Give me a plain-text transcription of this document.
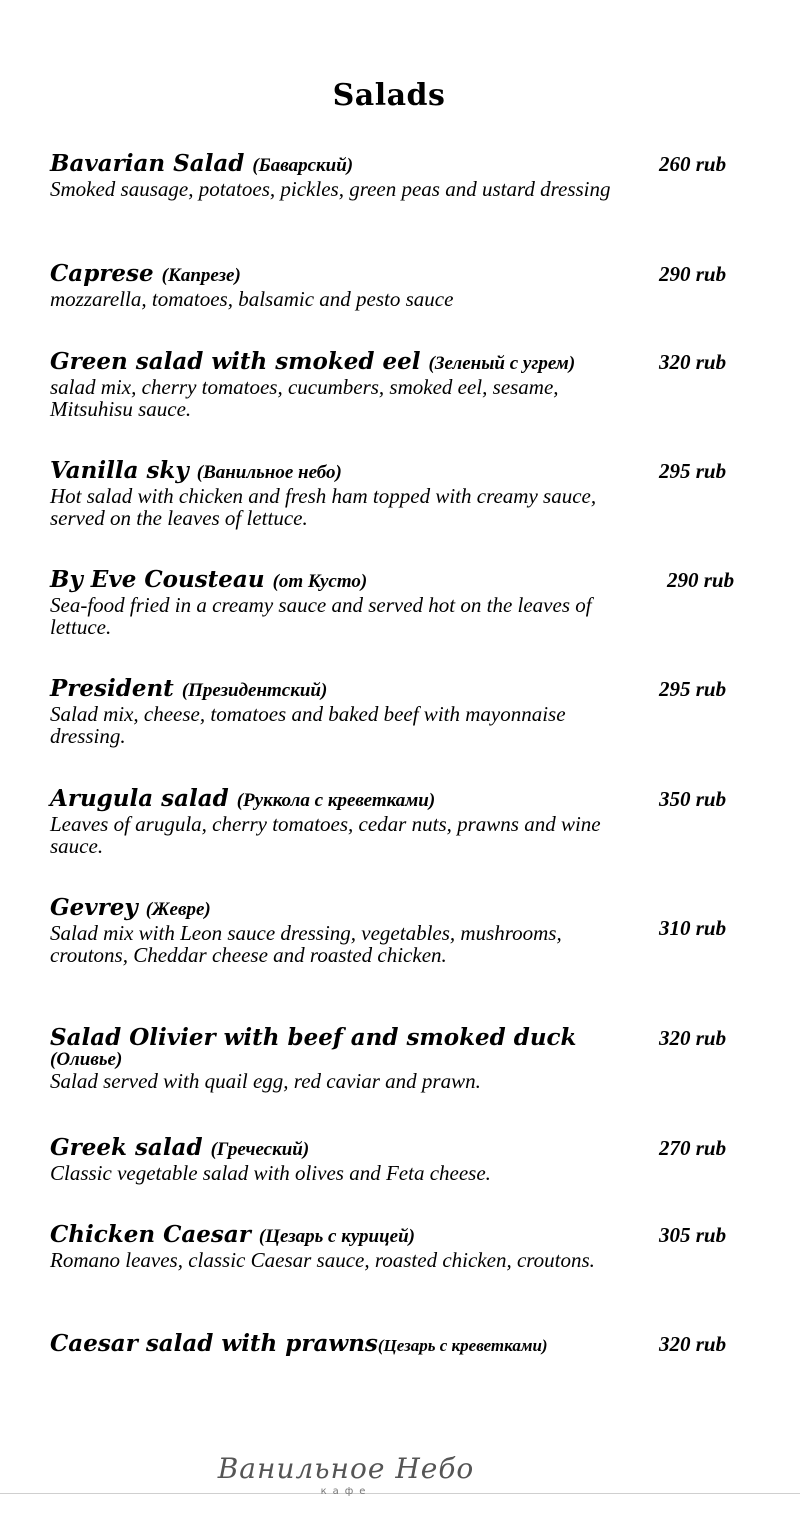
Salads
Bavarian Salad (Баварский)
Smoked sausage, potatoes, pickles, green peas and ustard dressing
260 rub
Caprese (Капрезе)
mozzarella, tomatoes, balsamic and pesto sauce
290 rub
Green salad with smoked eel (Зеленый с угрем)
salad mix, cherry tomatoes, cucumbers, smoked eel, sesame, Mitsuhisu sauce.
320 rub
Vanilla sky (Ванильное небо)
Hot salad with chicken and fresh ham topped with creamy sauce, served on the leaves of lettuce.
295 rub
By Eve Cousteau (от Кусто)
Sea-food fried in a creamy sauce and served hot on the leaves of lettuce.
290 rub
President (Президентский)
Salad mix, cheese, tomatoes and baked beef with mayonnaise dressing.
295 rub
Arugula salad (Руккола с креветками)
Leaves of arugula, cherry tomatoes, cedar nuts, prawns and wine sauce.
350 rub
Gevrey (Жевре)
Salad mix with Leon sauce dressing, vegetables, mushrooms, croutons, Cheddar cheese and roasted chicken.
310 rub
Salad Olivier with beef and smoked duck
(Оливье)
Salad served with quail egg, red caviar and prawn.
320 rub
Greek salad (Греческий)
Classic vegetable salad with olives and Feta cheese.
270 rub
Chicken Caesar (Цезарь с курицей)
Romano leaves, classic Caesar sauce, roasted chicken, croutons.
305 rub
Caesar salad with prawns(Цезарь с креветками)	320 rub
Ванильное Небо
кафе
